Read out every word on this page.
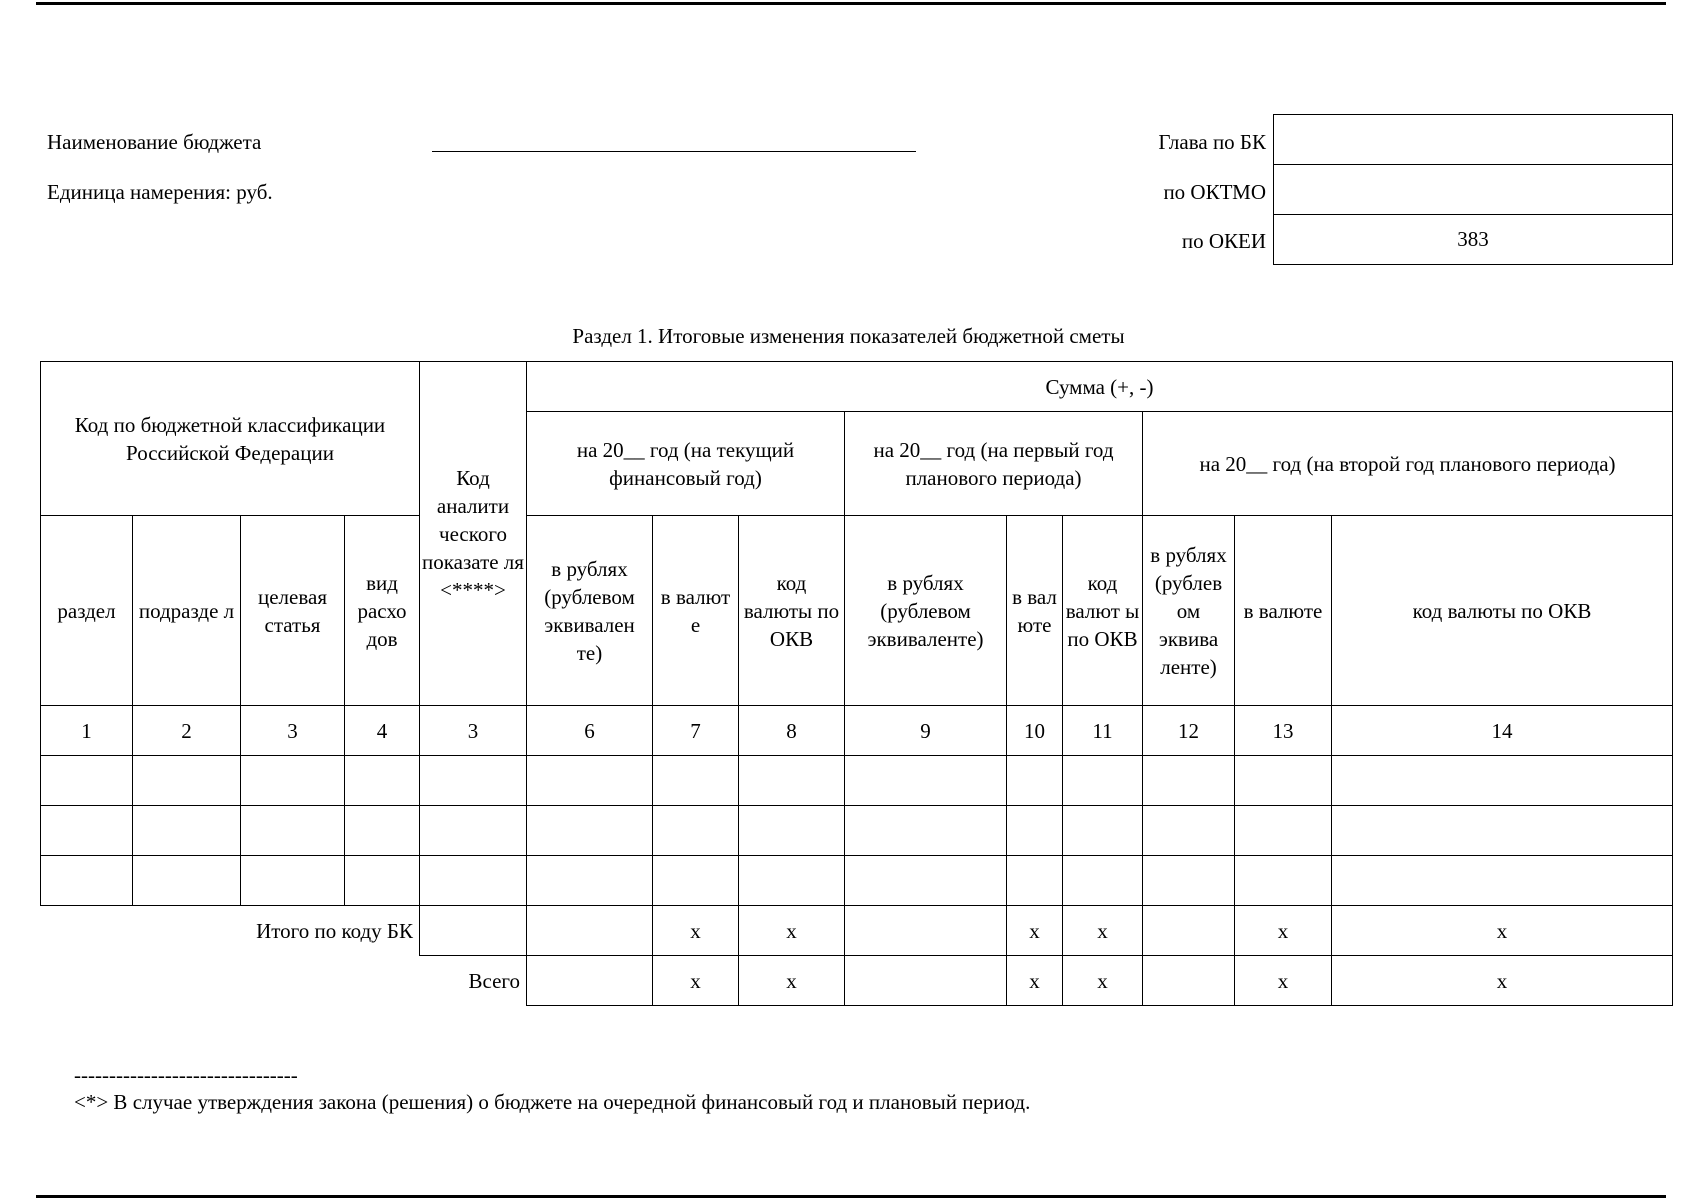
Наименование бюджета
Единица намерения: руб.
Глава по БК
по ОКТМО
по ОКЕИ	383
Раздел 1. Итоговые изменения показателей бюджетной сметы
Код по бюджетной классификации Российской Федерации				Код аналити ческого показате ля <****>	Сумма (+, -)								
					на 20__ год (на текущий финансовый год)			на 20__ год (на первый год планового периода)			на 20__ год (на второй год планового периода)		
раздел	подразде л	целевая статья	вид расхо дов		в рублях (рублевом эквивален те)	в валют е	код валюты по ОКВ	в рублях (рублевом эквиваленте)	в вал юте	код валют ы по ОКВ	в рублях (рублев ом эквива ленте)	в валюте	код валюты по ОКВ
1	2	3	4	3	6	7	8	9	10	11	12	13	14

Итого по коду БК						x	x		x	x		x	x
Всего						x	x		x	x		x	x
--------------------------------
<*> В случае утверждения закона (решения) о бюджете на очередной финансовый год и плановый период.
